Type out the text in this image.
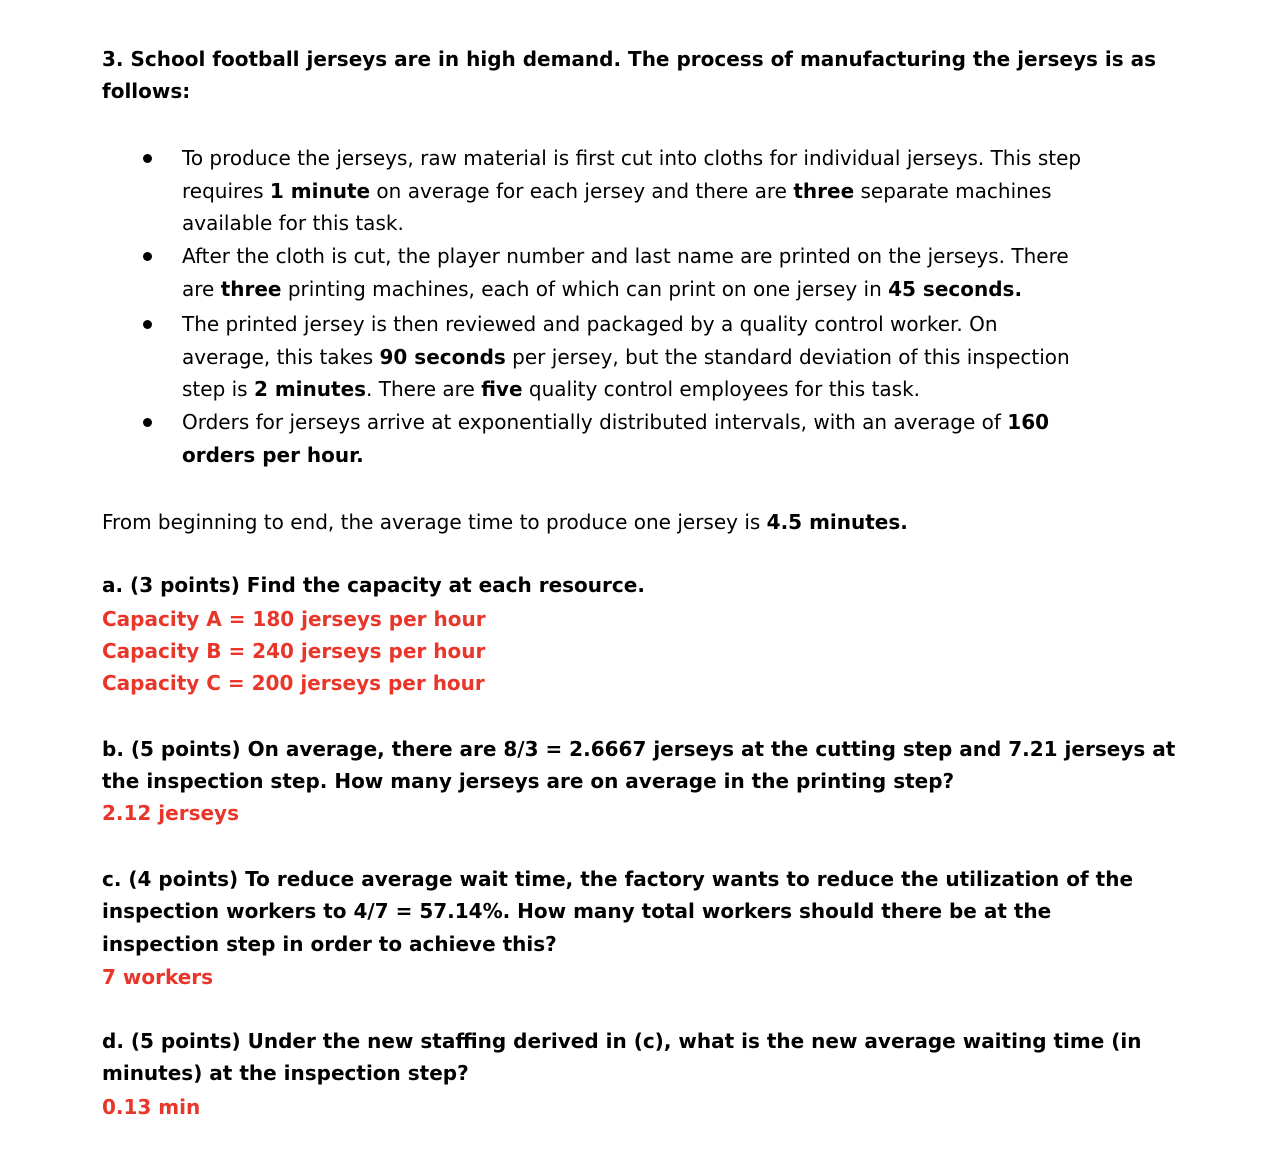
3. School football jerseys are in high demand. The process of manufacturing the jerseys is as

follows:

To produce the jerseys, raw material is first cut into cloths for individual jerseys. This step

requires 1 minute on average for each jersey and there are three separate machines

available for this task.

After the cloth is cut, the player number and last name are printed on the jerseys. There

are three printing machines, each of which can print on one jersey in 45 seconds.

The printed jersey is then reviewed and packaged by a quality control worker. On

average, this takes 90 seconds per jersey, but the standard deviation of this inspection

step is 2 minutes. There are five quality control employees for this task.

Orders for jerseys arrive at exponentially distributed intervals, with an average of 160

orders per hour.

From beginning to end, the average time to produce one jersey is 4.5 minutes.

a. (3 points) Find the capacity at each resource.

Capacity A = 180 jerseys per hour

Capacity B = 240 jerseys per hour

Capacity C = 200 jerseys per hour

b. (5 points) On average, there are 8/3 = 2.6667 jerseys at the cutting step and 7.21 jerseys at

the inspection step. How many jerseys are on average in the printing step?

2.12 jerseys

c. (4 points) To reduce average wait time, the factory wants to reduce the utilization of the

inspection workers to 4/7 = 57.14%. How many total workers should there be at the

inspection step in order to achieve this?

7 workers

d. (5 points) Under the new staffing derived in (c), what is the new average waiting time (in

minutes) at the inspection step?

0.13 min
